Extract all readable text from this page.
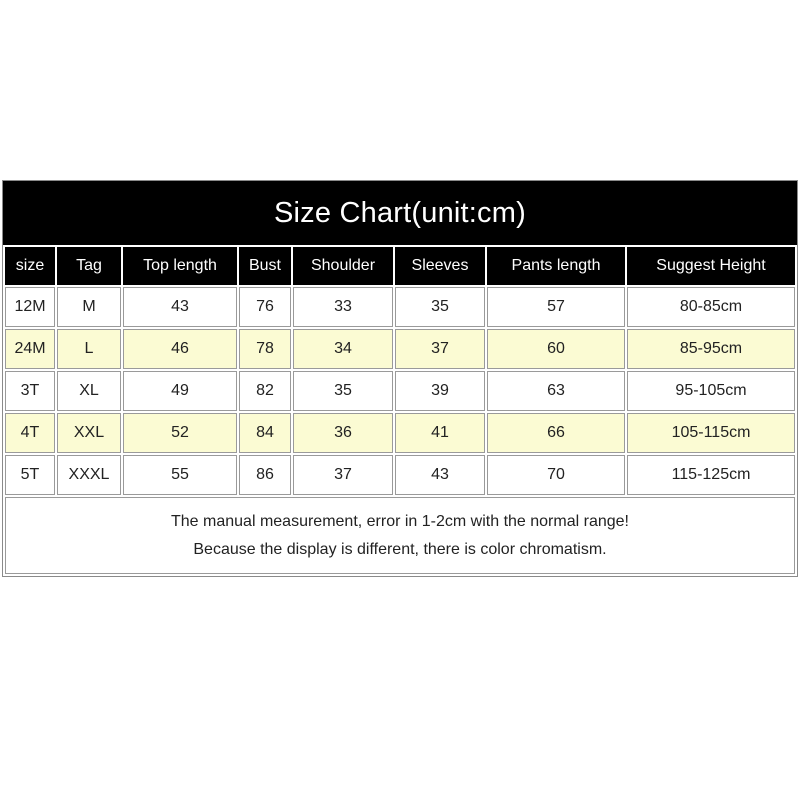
Size Chart(unit:cm)
size	Tag	Top length	Bust	Shoulder	Sleeves	Pants length	Suggest Height
12M	M	43	76	33	35	57	80-85cm
24M	L	46	78	34	37	60	85-95cm
3T	XL	49	82	35	39	63	95-105cm
4T	XXL	52	84	36	41	66	105-115cm
5T	XXXL	55	86	37	43	70	115-125cm
The manual measurement, error in 1-2cm with the normal range!
Because the display is different, there is color chromatism.
